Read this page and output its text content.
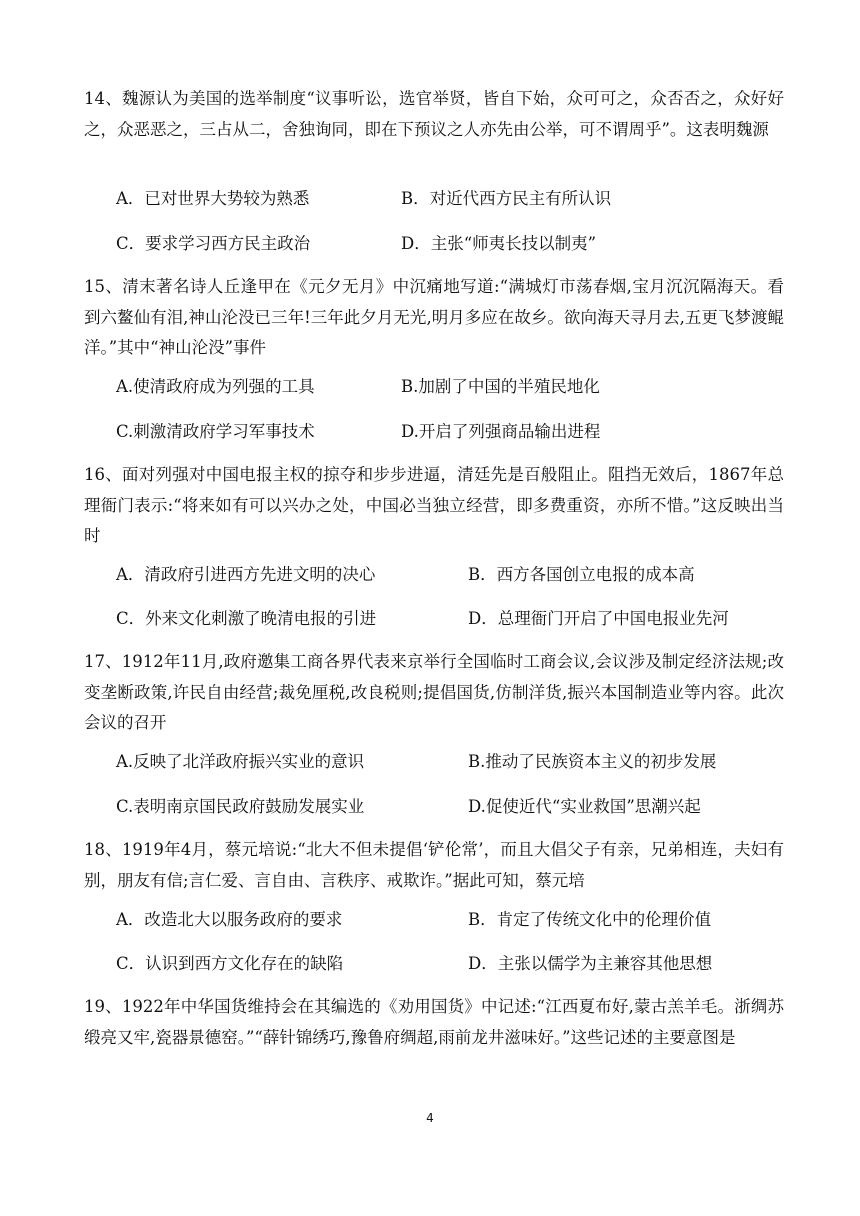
14、魏源认为美国的选举制度“议事听讼，选官举贤，皆自下始，众可可之，众否否之，众好好之，众恶恶之，三占从二，舍独询同，即在下预议之人亦先由公举，可不谓周乎”。这表明魏源

A．已对世界大势较为熟悉	B．对近代西方民主有所认识
C．要求学习西方民主政治	D．主张“师夷长技以制夷”

15、清末著名诗人丘逢甲在《元夕无月》中沉痛地写道:“满城灯市荡春烟,宝月沉沉隔海天。看到六鳌仙有泪,神山沦没已三年!三年此夕月无光,明月多应在故乡。欲向海天寻月去,五更飞梦渡鲲洋。”其中“神山沦没”事件

A.使清政府成为列强的工具	B.加剧了中国的半殖民地化
C.刺激清政府学习军事技术	D.开启了列强商品输出进程

16、面对列强对中国电报主权的掠夺和步步进逼，清廷先是百般阻止。阻挡无效后，1867年总理衙门表示:“将来如有可以兴办之处，中国必当独立经营，即多费重资，亦所不惜。”这反映出当时

A．清政府引进西方先进文明的决心	B．西方各国创立电报的成本高
C．外来文化刺激了晚清电报的引进	D．总理衙门开启了中国电报业先河

17、1912年11月,政府邀集工商各界代表来京举行全国临时工商会议,会议涉及制定经济法规;改变垄断政策,许民自由经营;裁免厘税,改良税则;提倡国货,仿制洋货,振兴本国制造业等内容。此次会议的召开

A.反映了北洋政府振兴实业的意识	B.推动了民族资本主义的初步发展
C.表明南京国民政府鼓励发展实业	D.促使近代“实业救国”思潮兴起

18、1919年4月，蔡元培说:“北大不但未提倡‘铲伦常’，而且大倡父子有亲，兄弟相连，夫妇有别，朋友有信;言仁爱、言自由、言秩序、戒欺诈。”据此可知，蔡元培

A．改造北大以服务政府的要求	B．肯定了传统文化中的伦理价值
C．认识到西方文化存在的缺陷	D．主张以儒学为主兼容其他思想

19、1922年中华国货维持会在其编选的《劝用国货》中记述:“江西夏布好,蒙古羔羊毛。浙绸苏缎亮又牢,瓷器景德窑。”“薛针锦绣巧,豫鲁府绸超,雨前龙井滋味好。”这些记述的主要意图是

4
